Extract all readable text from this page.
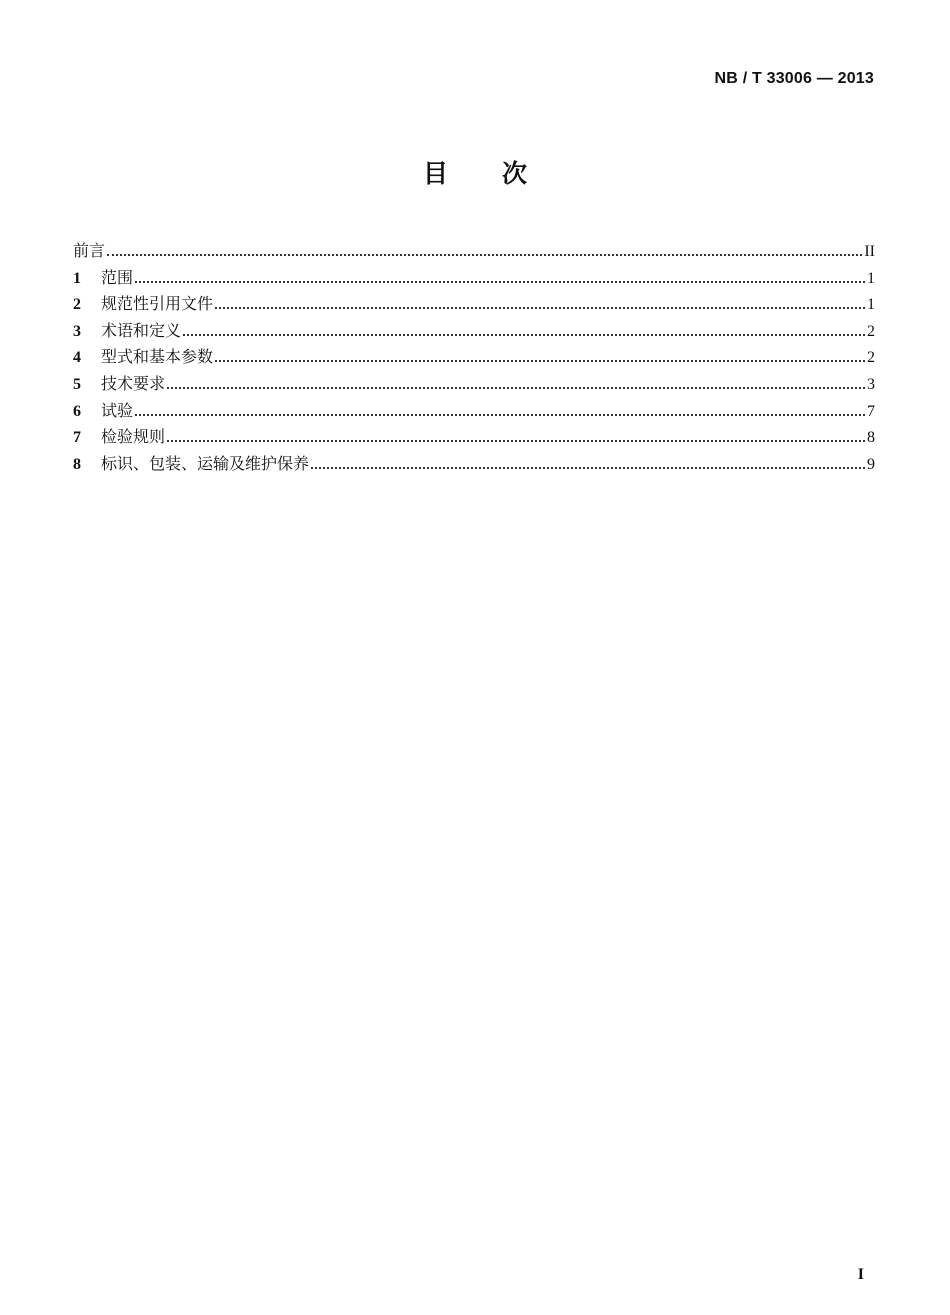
NB / T 33006 — 2013
目次
前言	II
1	范围	1
2	规范性引用文件	1
3	术语和定义	2
4	型式和基本参数	2
5	技术要求	3
6	试验	7
7	检验规则	8
8	标识、包装、运输及维护保养	9
I
